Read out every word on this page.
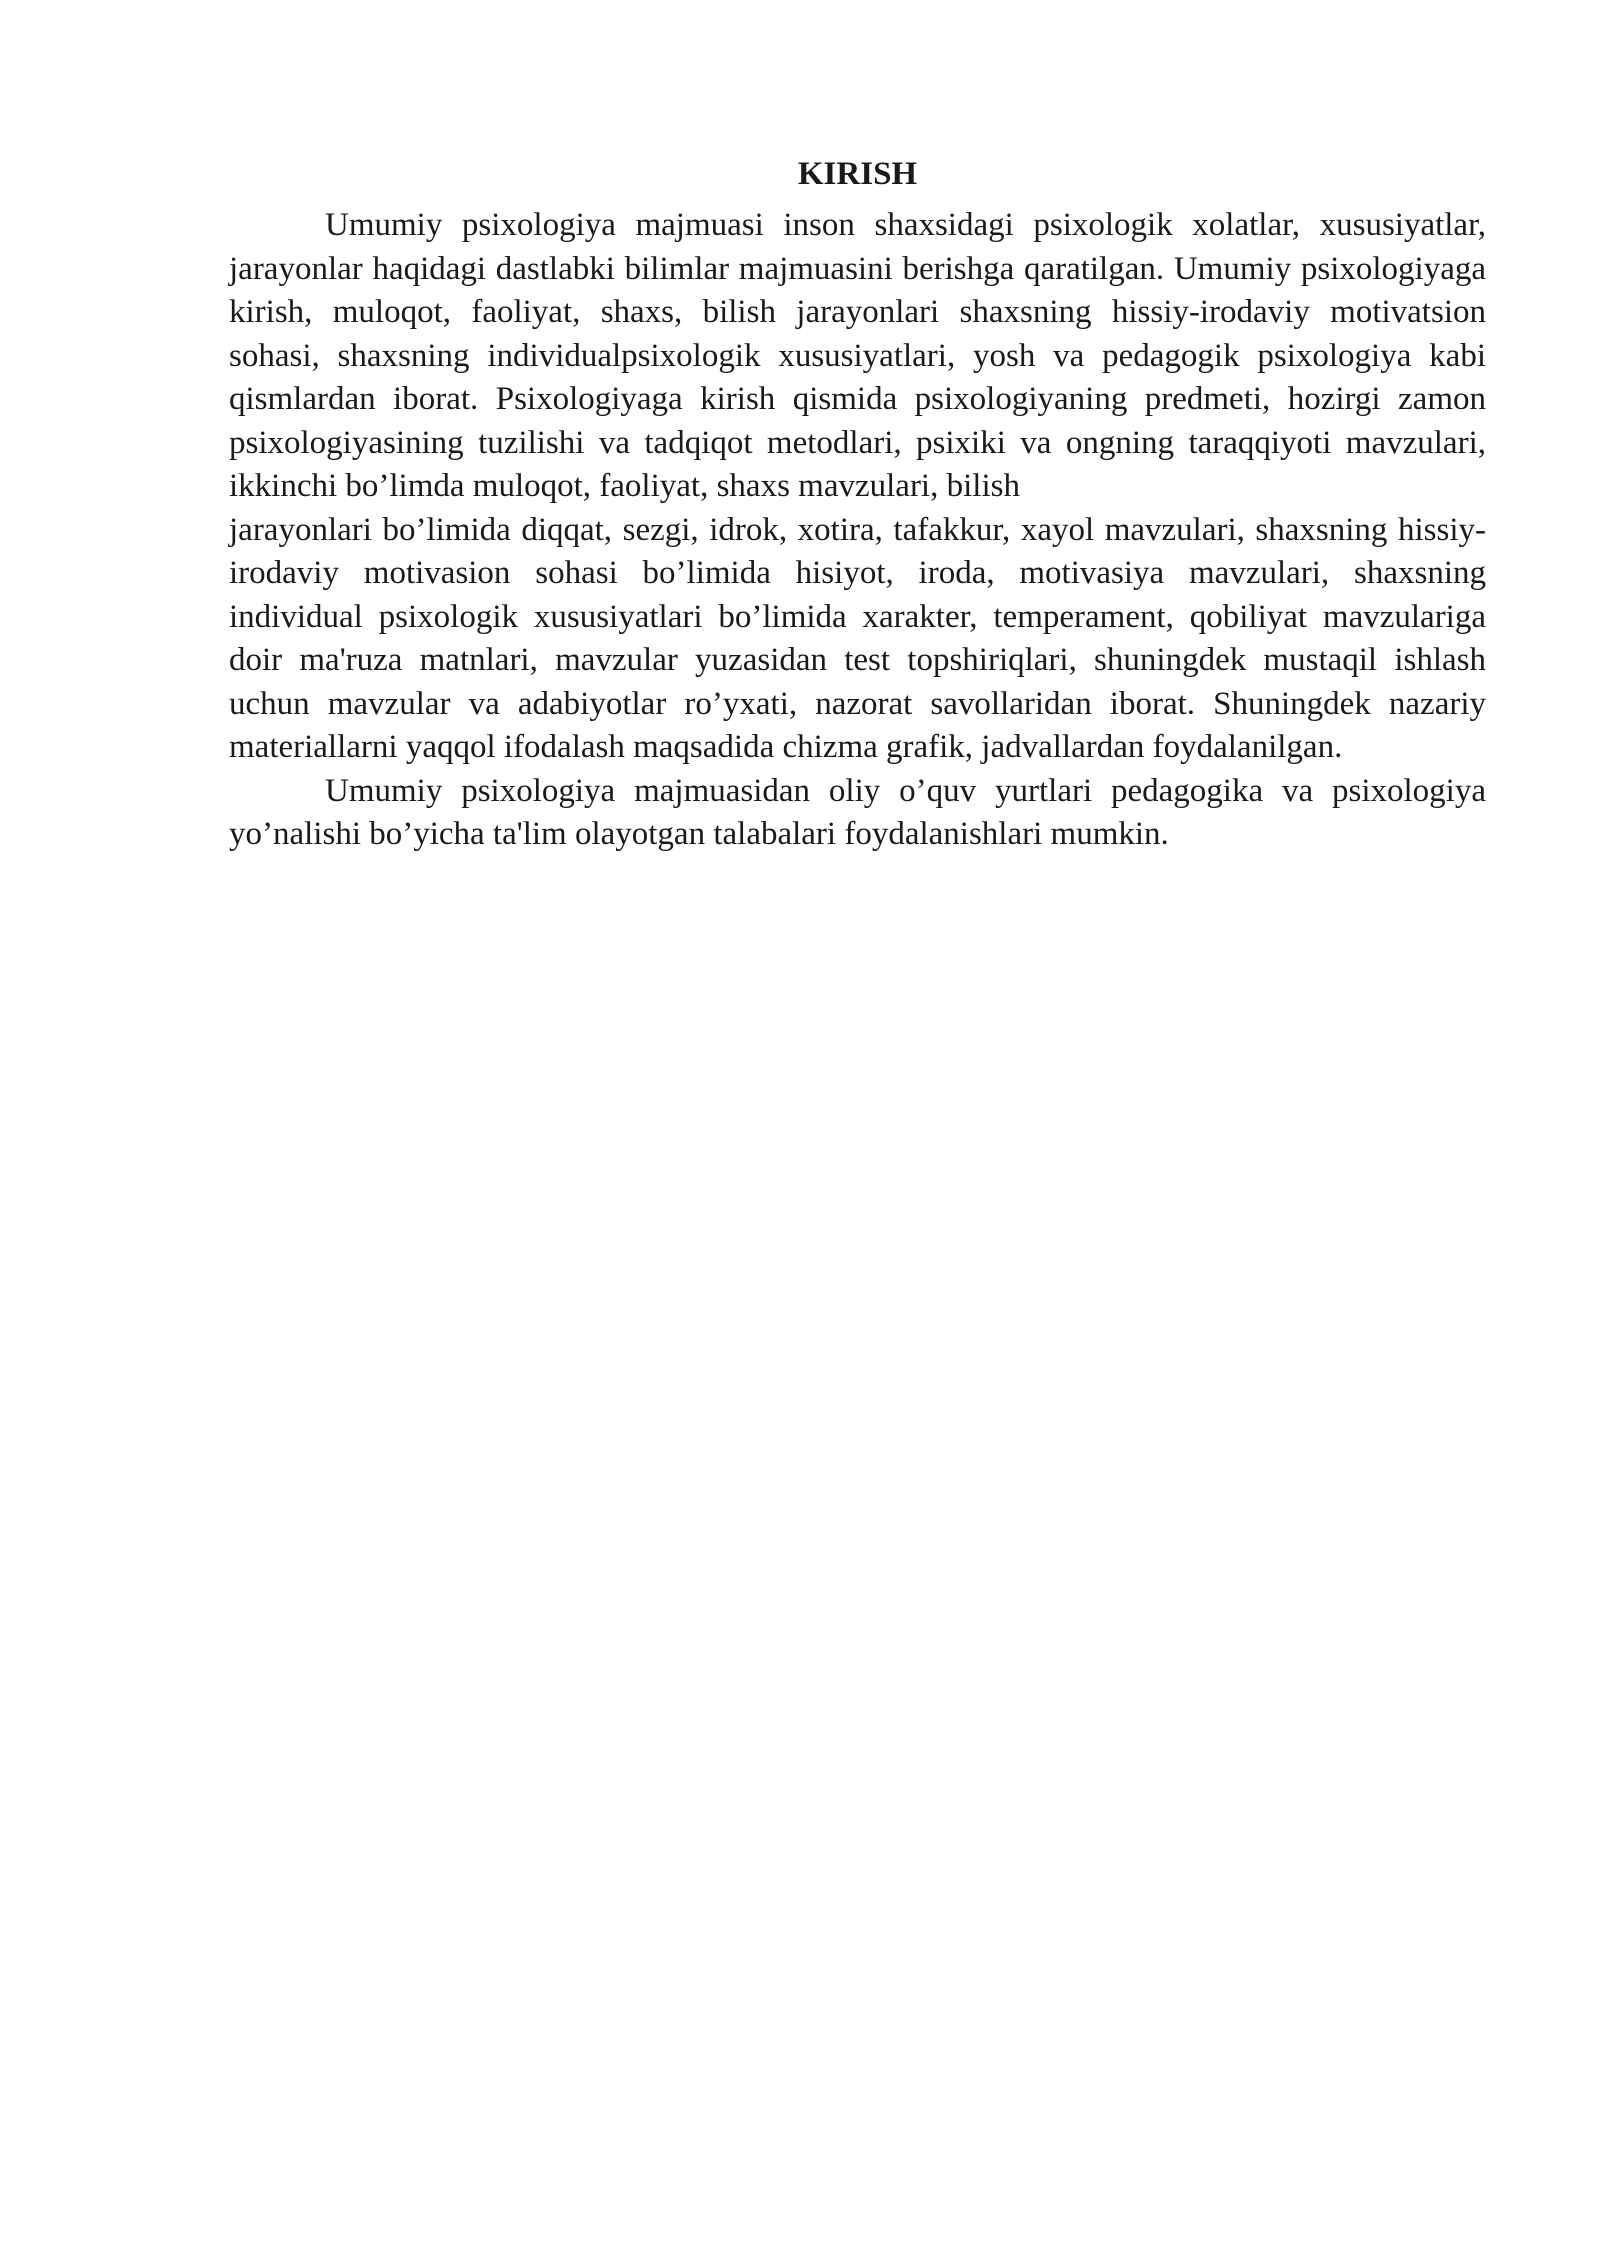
KIRISH

Umumiy psixologiya majmuasi inson shaxsidagi psixologik xolatlar, xususiyatlar, jarayonlar haqidagi dastlabki bilimlar majmuasini berishga qaratilgan. Umumiy psixologiyaga kirish, muloqot, faoliyat, shaxs, bilish jarayonlari shaxsning hissiy-irodaviy motivatsion sohasi, shaxsning individualpsixologik xususiyatlari, yosh va pedagogik psixologiya kabi qismlardan iborat. Psixologiyaga kirish qismida psixologiyaning predmeti, hozirgi zamon psixologiyasining tuzilishi va tadqiqot metodlari, psixiki va ongning taraqqiyoti mavzulari, ikkinchi bo’limda muloqot, faoliyat, shaxs mavzulari, bilish

jarayonlari bo’limida diqqat, sezgi, idrok, xotira, tafakkur, xayol mavzulari, shaxsning hissiy-irodaviy motivasion sohasi bo’limida hisiyot, iroda, motivasiya mavzulari, shaxsning individual psixologik xususiyatlari bo’limida xarakter, temperament, qobiliyat mavzulariga doir ma'ruza matnlari, mavzular yuzasidan test topshiriqlari, shuningdek mustaqil ishlash uchun mavzular va adabiyotlar ro’yxati, nazorat savollaridan iborat. Shuningdek nazariy materiallarni yaqqol ifodalash maqsadida chizma grafik, jadvallardan foydalanilgan.

Umumiy psixologiya majmuasidan oliy o’quv yurtlari pedagogika va psixologiya yo’nalishi bo’yicha ta'lim olayotgan talabalari foydalanishlari mumkin.
